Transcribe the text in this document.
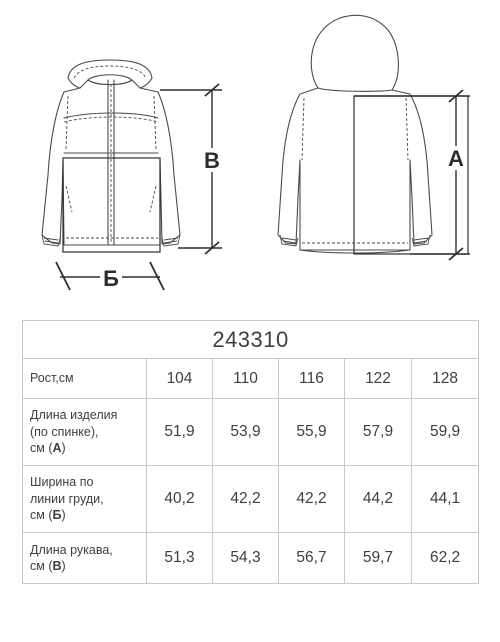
Б
В	А
243310					
Рост,см	104	110	116	122	128
Длина изделия
(по спинке),
см (А)	51,9	53,9	55,9	57,9	59,9
Ширина по
линии груди,
см (Б)	40,2	42,2	42,2	44,2	44,1
Длина рукава,
см (В)	51,3	54,3	56,7	59,7	62,2
